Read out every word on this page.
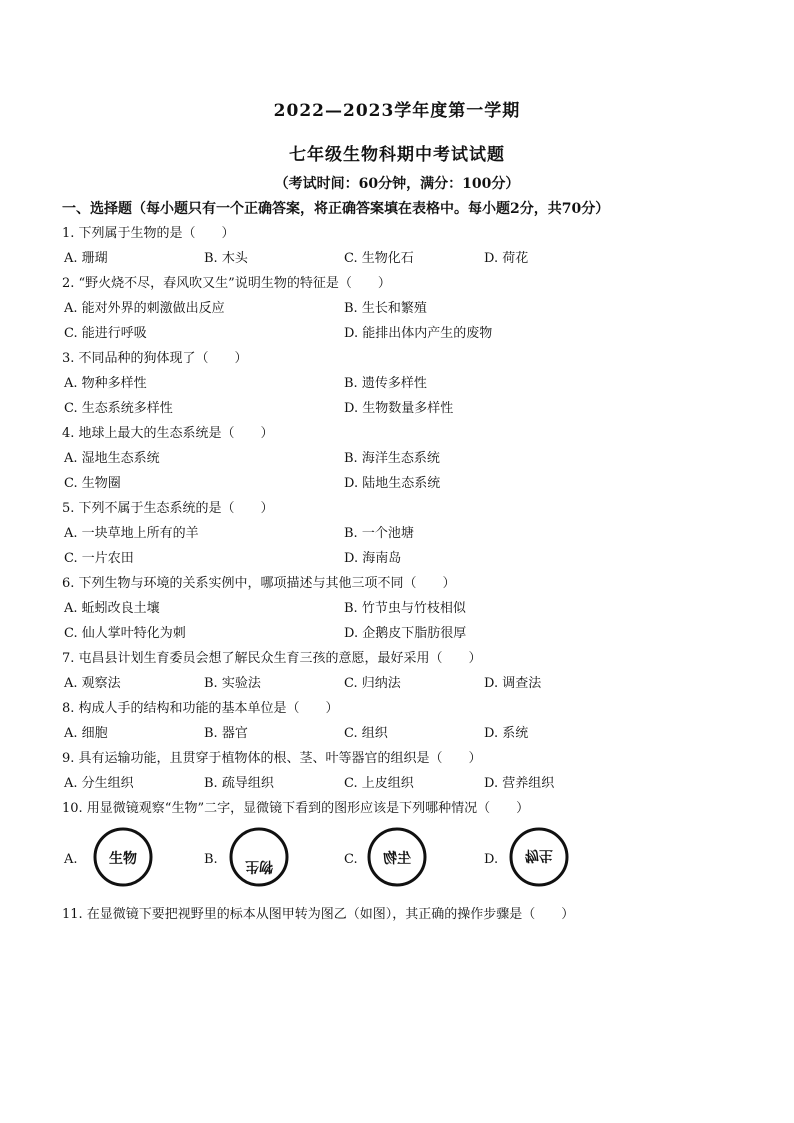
2022—2023学年度第一学期
七年级生物科期中考试试题
（考试时间：60分钟，满分：100分）
一、选择题（每小题只有一个正确答案，将正确答案填在表格中。每小题2分，共70分）
1. 下列属于生物的是（　　）
A. 珊瑚	B. 木头	C. 生物化石	D. 荷花
2. “野火烧不尽，春风吹又生”说明生物的特征是（　　）
A. 能对外界的刺激做出反应	B. 生长和繁殖
C. 能进行呼吸	D. 能排出体内产生的废物
3. 不同品种的狗体现了（　　）
A. 物种多样性	B. 遗传多样性
C. 生态系统多样性	D. 生物数量多样性
4. 地球上最大的生态系统是（　　）
A. 湿地生态系统	B. 海洋生态系统
C. 生物圈	D. 陆地生态系统
5. 下列不属于生态系统的是（　　）
A. 一块草地上所有的羊	B. 一个池塘
C. 一片农田	D. 海南岛
6. 下列生物与环境的关系实例中，哪项描述与其他三项不同（　　）
A. 蚯蚓改良土壤	B. 竹节虫与竹枝相似
C. 仙人掌叶特化为刺	D. 企鹅皮下脂肪很厚
7. 屯昌县计划生育委员会想了解民众生育三孩的意愿，最好采用（　　）
A. 观察法	B. 实验法	C. 归纳法	D. 调查法
8. 构成人手的结构和功能的基本单位是（　　）
A. 细胞	B. 器官	C. 组织	D. 系统
9. 具有运输功能，且贯穿于植物体的根、茎、叶等器官的组织是（　　）
A. 分生组织	B. 疏导组织	C. 上皮组织	D. 营养组织
10. 用显微镜观察“生物”二字，显微镜下看到的图形应该是下列哪种情况（　　）
A. 生物	B. 物生	C. 生物	D. 物生
11. 在显微镜下要把视野里的标本从图甲转为图乙（如图），其正确的操作步骤是（　　）
